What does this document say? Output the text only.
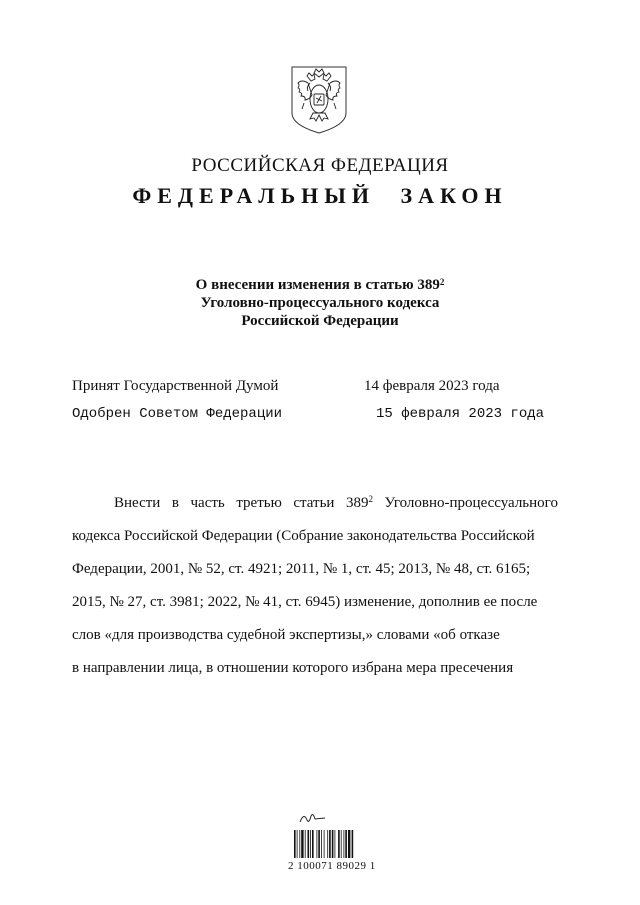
РОССИЙСКАЯ ФЕДЕРАЦИЯ
ФЕДЕРАЛЬНЫЙ ЗАКОН
О внесении изменения в статью $389^2$
Уголовно-процессуального кодекса
Российской Федерации
Принят Государственной Думой	14 февраля 2023 года
Одобрен Советом Федерации	15 февраля 2023 года
Внести в часть третью статьи $389^2$ Уголовно-процессуального
кодекса Российской Федерации (Собрание законодательства Российской
Федерации, 2001, № 52, ст. 4921; 2011, № 1, ст. 45; 2013, № 48, ст. 6165;
2015, № 27, ст. 3981; 2022, № 41, ст. 6945) изменение, дополнив ее после
слов «для производства судебной экспертизы,» словами «об отказе
в направлении лица, в отношении которого избрана мера пресечения
2 100071 89029 1
